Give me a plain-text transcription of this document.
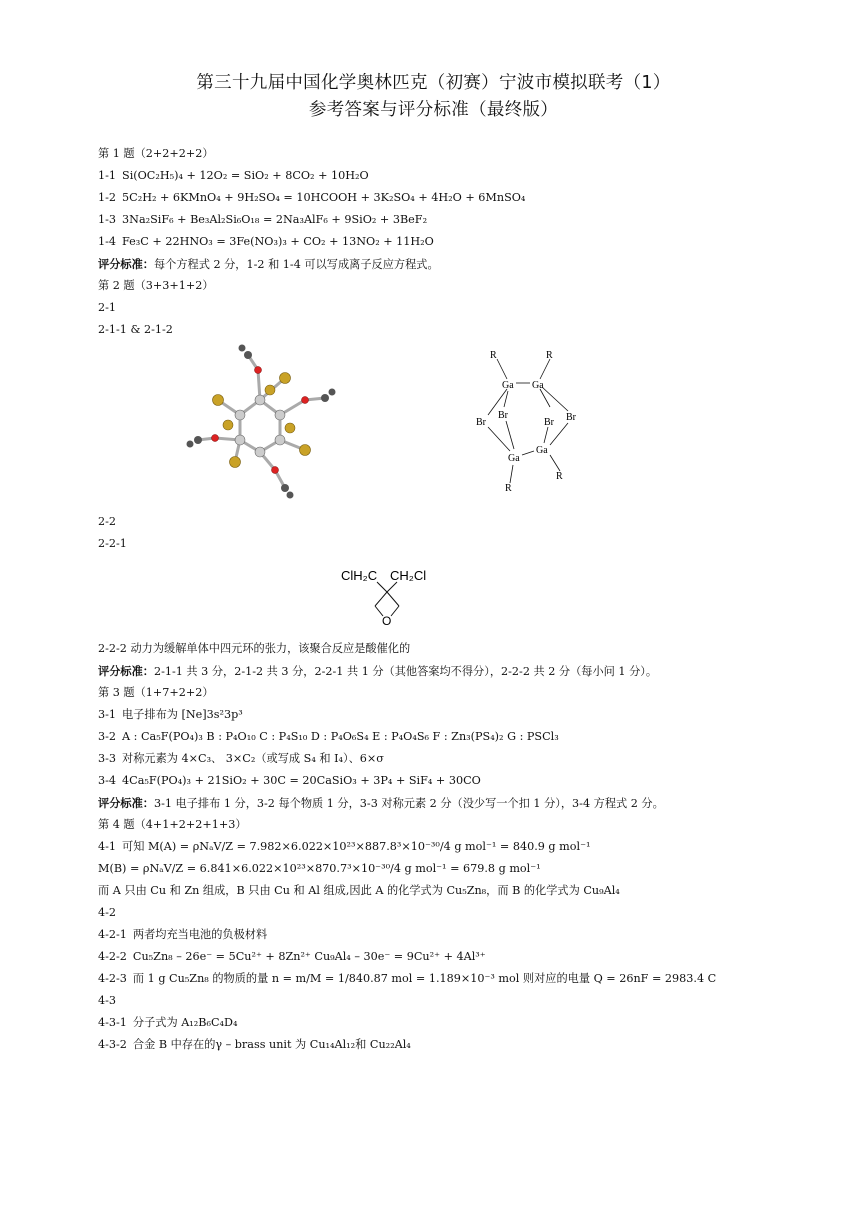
第三十九届中国化学奥林匹克（初赛）宁波市模拟联考（1）
参考答案与评分标准（最终版）
第 1 题（2+2+2+2）
1-1 Si(OC₂H₅)₄ + 12O₂ = SiO₂ + 8CO₂ + 10H₂O
1-2 5C₂H₂ + 6KMnO₄ + 9H₂SO₄ = 10HCOOH + 3K₂SO₄ + 4H₂O + 6MnSO₄
1-3 3Na₂SiF₆ + Be₃Al₂Si₆O₁₈ = 2Na₃AlF₆ + 9SiO₂ + 3BeF₂
1-4 Fe₃C + 22HNO₃ = 3Fe(NO₃)₃ + CO₂ + 13NO₂ + 11H₂O
评分标准：每个方程式 2 分，1-2 和 1-4 可以写成离子反应方程式。
第 2 题（3+3+1+2）
2-1
2-1-1 & 2-1-2
2-2
2-2-1
2-2-2 动力为缓解单体中四元环的张力，该聚合反应是酸催化的
评分标准：2-1-1 共 3 分，2-1-2 共 3 分，2-2-1 共 1 分（其他答案均不得分），2-2-2 共 2 分（每小问 1 分）。
第 3 题（1+7+2+2）
3-1 电子排布为 [Ne]3s²3p³
3-2 A : Ca₅F(PO₄)₃ B : P₄O₁₀ C : P₄S₁₀ D : P₄O₆S₄ E : P₄O₄S₆ F : Zn₃(PS₄)₂ G : PSCl₃
3-3 对称元素为 4×C₃、 3×C₂（或写成 S₄ 和 I₄）、6×σ
3-4 4Ca₅F(PO₄)₃ + 21SiO₂ + 30C = 20CaSiO₃ + 3P₄ + SiF₄ + 30CO
评分标准：3-1 电子排布 1 分，3-2 每个物质 1 分，3-3 对称元素 2 分（没少写一个扣 1 分），3-4 方程式 2 分。
第 4 题（4+1+2+2+1+3）
4-1 可知 M(A) = ρNₐV/Z = 7.982×6.022×10²³×887.8³×10⁻³⁰/4 g mol⁻¹ = 840.9 g mol⁻¹
M(B) = ρNₐV/Z = 6.841×6.022×10²³×870.7³×10⁻³⁰/4 g mol⁻¹ = 679.8 g mol⁻¹
而 A 只由 Cu 和 Zn 组成，B 只由 Cu 和 Al 组成,因此 A 的化学式为 Cu₅Zn₈，而 B 的化学式为 Cu₉Al₄
4-2
4-2-1 两者均充当电池的负极材料
4-2-2 Cu₅Zn₈ – 26e⁻ = 5Cu²⁺ + 8Zn²⁺ Cu₉Al₄ – 30e⁻ = 9Cu²⁺ + 4Al³⁺
4-2-3 而 1 g Cu₅Zn₈ 的物质的量 n = m/M = 1/840.87 mol = 1.189×10⁻³ mol 则对应的电量 Q = 26nF = 2983.4 C
4-3
4-3-1 分子式为 A₁₂B₆C₄D₄
4-3-2 合金 B 中存在的γ – brass unit 为 Cu₁₄Al₁₂和 Cu₂₂Al₄
R	R
Ga Ga
Br
Br	Br Br
Ga
Ga
R
R
ClH₂C CH₂Cl
O
